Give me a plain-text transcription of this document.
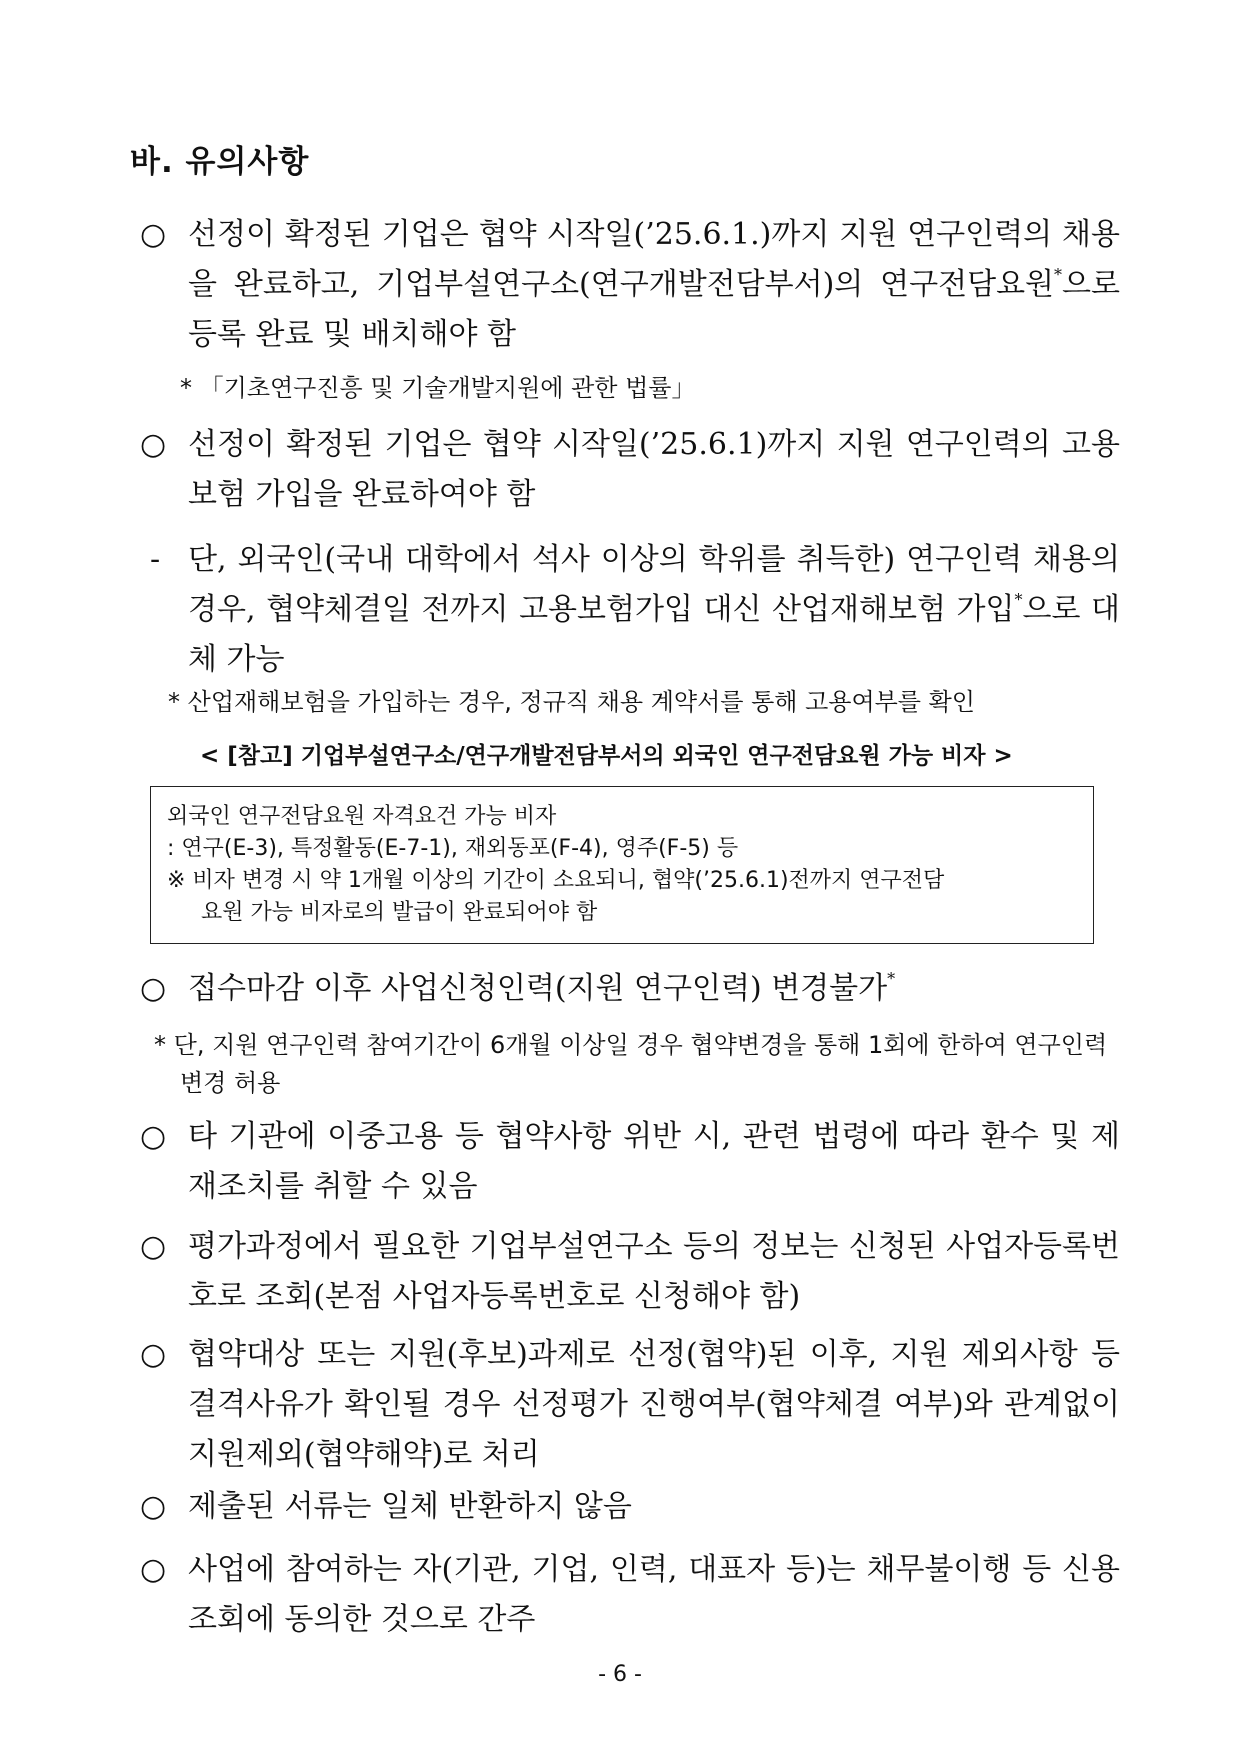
바. 유의사항
○ 선정이 확정된 기업은 협약 시작일(’25.6.1.)까지 지원 연구인력의 채용을 완료하고, 기업부설연구소(연구개발전담부서)의 연구전담요원*으로 등록 완료 및 배치해야 함
* 「기초연구진흥 및 기술개발지원에 관한 법률」
○ 선정이 확정된 기업은 협약 시작일(’25.6.1)까지 지원 연구인력의 고용보험 가입을 완료하여야 함
- 단, 외국인(국내 대학에서 석사 이상의 학위를 취득한) 연구인력 채용의 경우, 협약체결일 전까지 고용보험가입 대신 산업재해보험 가입*으로 대체 가능
* 산업재해보험을 가입하는 경우, 정규직 채용 계약서를 통해 고용여부를 확인
< [참고] 기업부설연구소/연구개발전담부서의 외국인 연구전담요원 가능 비자 >
외국인 연구전담요원 자격요건 가능 비자
: 연구(E-3), 특정활동(E-7-1), 재외동포(F-4), 영주(F-5) 등
※ 비자 변경 시 약 1개월 이상의 기간이 소요되니, 협약(’25.6.1)전까지 연구전담
요원 가능 비자로의 발급이 완료되어야 함
○ 접수마감 이후 사업신청인력(지원 연구인력) 변경불가*
* 단, 지원 연구인력 참여기간이 6개월 이상일 경우 협약변경을 통해 1회에 한하여 연구인력 변경 허용
○ 타 기관에 이중고용 등 협약사항 위반 시, 관련 법령에 따라 환수 및 제재조치를 취할 수 있음
○ 평가과정에서 필요한 기업부설연구소 등의 정보는 신청된 사업자등록번호로 조회(본점 사업자등록번호로 신청해야 함)
○ 협약대상 또는 지원(후보)과제로 선정(협약)된 이후, 지원 제외사항 등 결격사유가 확인될 경우 선정평가 진행여부(협약체결 여부)와 관계없이 지원제외(협약해약)로 처리
○ 제출된 서류는 일체 반환하지 않음
○ 사업에 참여하는 자(기관, 기업, 인력, 대표자 등)는 채무불이행 등 신용조회에 동의한 것으로 간주
- 6 -
